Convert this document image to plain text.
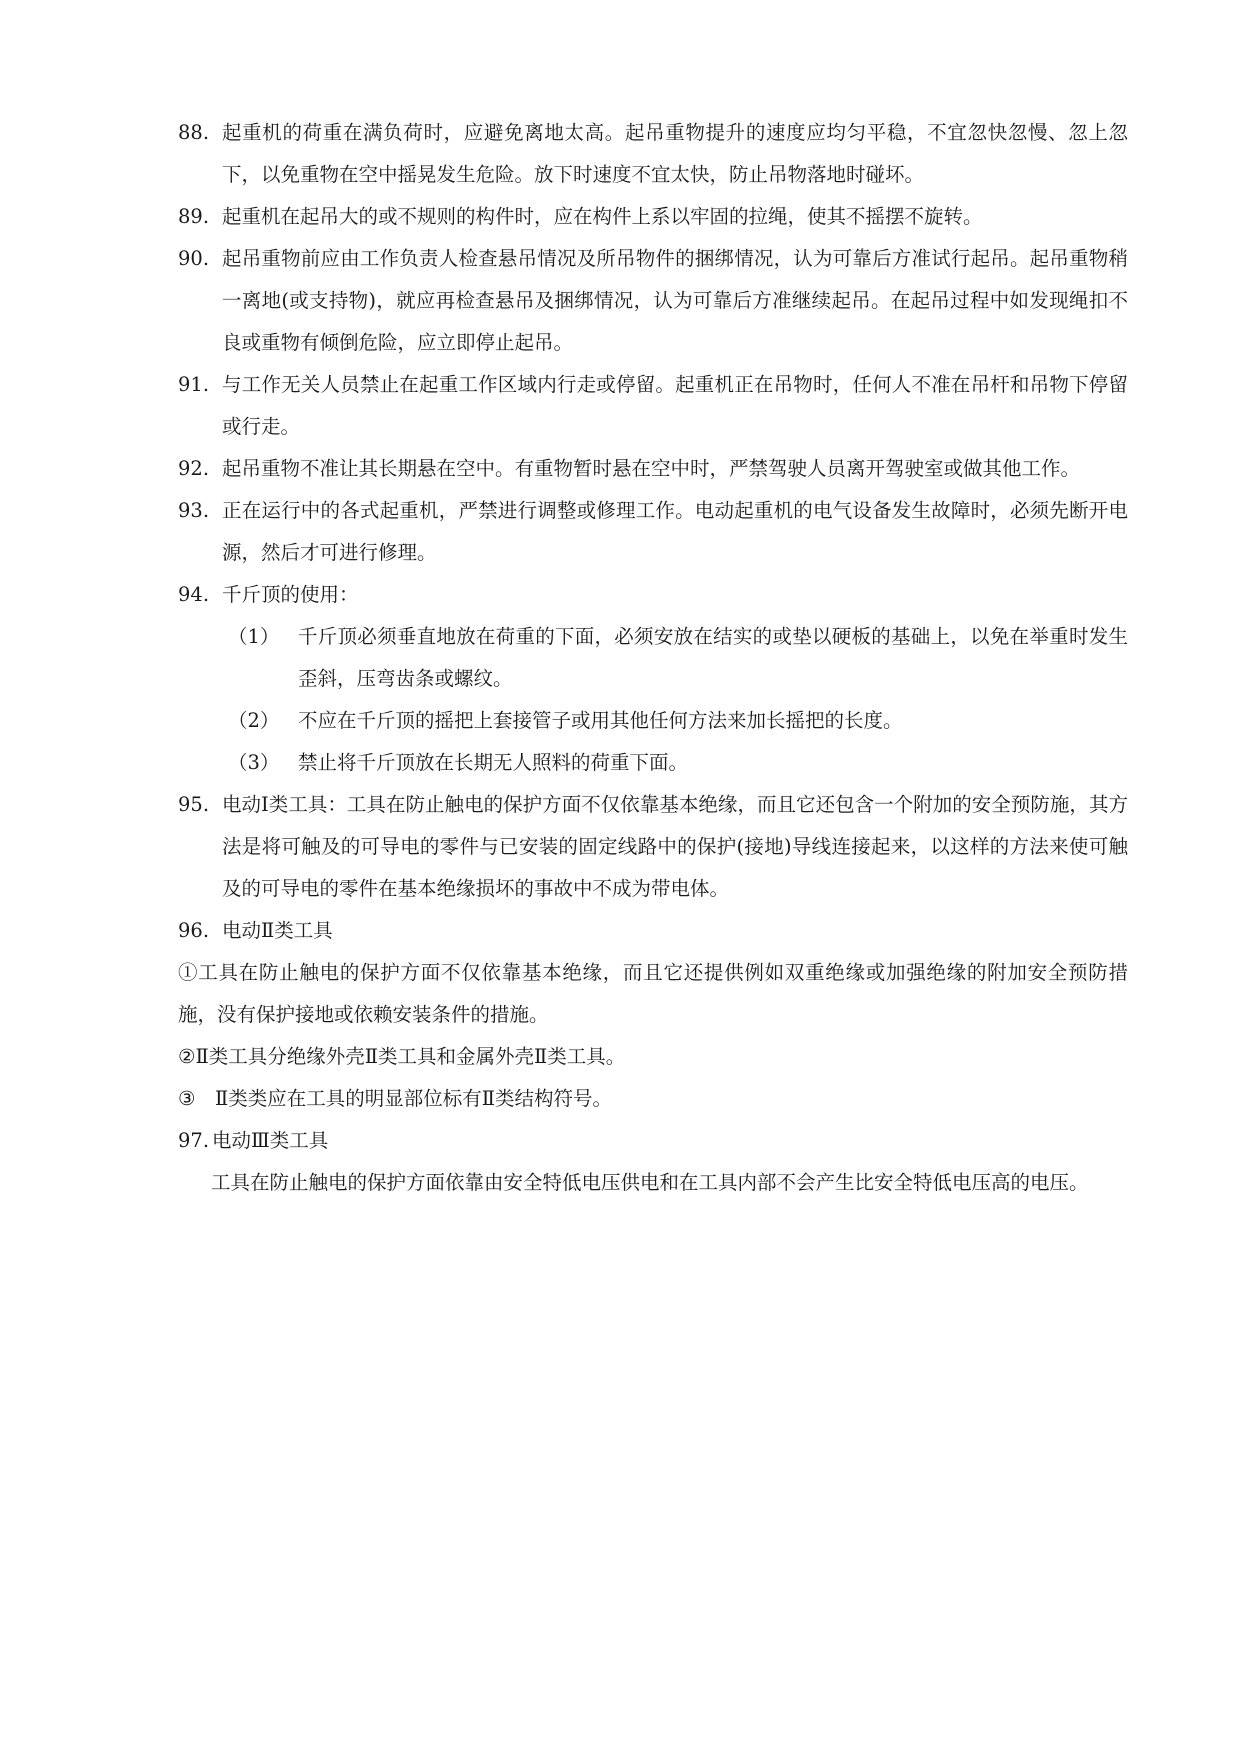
88. 起重机的荷重在满负荷时，应避免离地太高。起吊重物提升的速度应均匀平稳，不宜忽快忽慢、忽上忽下，以免重物在空中摇晃发生危险。放下时速度不宜太快，防止吊物落地时碰坏。
89. 起重机在起吊大的或不规则的构件时，应在构件上系以牢固的拉绳，使其不摇摆不旋转。
90. 起吊重物前应由工作负责人检查悬吊情况及所吊物件的捆绑情况，认为可靠后方准试行起吊。起吊重物稍一离地(或支持物)，就应再检查悬吊及捆绑情况，认为可靠后方准继续起吊。在起吊过程中如发现绳扣不良或重物有倾倒危险，应立即停止起吊。
91. 与工作无关人员禁止在起重工作区域内行走或停留。起重机正在吊物时，任何人不准在吊杆和吊物下停留或行走。
92. 起吊重物不准让其长期悬在空中。有重物暂时悬在空中时，严禁驾驶人员离开驾驶室或做其他工作。
93. 正在运行中的各式起重机，严禁进行调整或修理工作。电动起重机的电气设备发生故障时，必须先断开电源，然后才可进行修理。
94. 千斤顶的使用：
（1） 千斤顶必须垂直地放在荷重的下面，必须安放在结实的或垫以硬板的基础上，以免在举重时发生歪斜，压弯齿条或螺纹。
（2） 不应在千斤顶的摇把上套接管子或用其他任何方法来加长摇把的长度。
（3） 禁止将千斤顶放在长期无人照料的荷重下面。
95. 电动Ⅰ类工具：工具在防止触电的保护方面不仅依靠基本绝缘，而且它还包含一个附加的安全预防施，其方法是将可触及的可导电的零件与已安装的固定线路中的保护(接地)导线连接起来，以这样的方法来使可触及的可导电的零件在基本绝缘损坏的事故中不成为带电体。
96. 电动Ⅱ类工具
①工具在防止触电的保护方面不仅依靠基本绝缘，而且它还提供例如双重绝缘或加强绝缘的附加安全预防措施，没有保护接地或依赖安装条件的措施。
②Ⅱ类工具分绝缘外壳Ⅱ类工具和金属外壳Ⅱ类工具。
③　Ⅱ类类应在工具的明显部位标有Ⅱ类结构符号。
97. 电动Ⅲ类工具
工具在防止触电的保护方面依靠由安全特低电压供电和在工具内部不会产生比安全特低电压高的电压。
